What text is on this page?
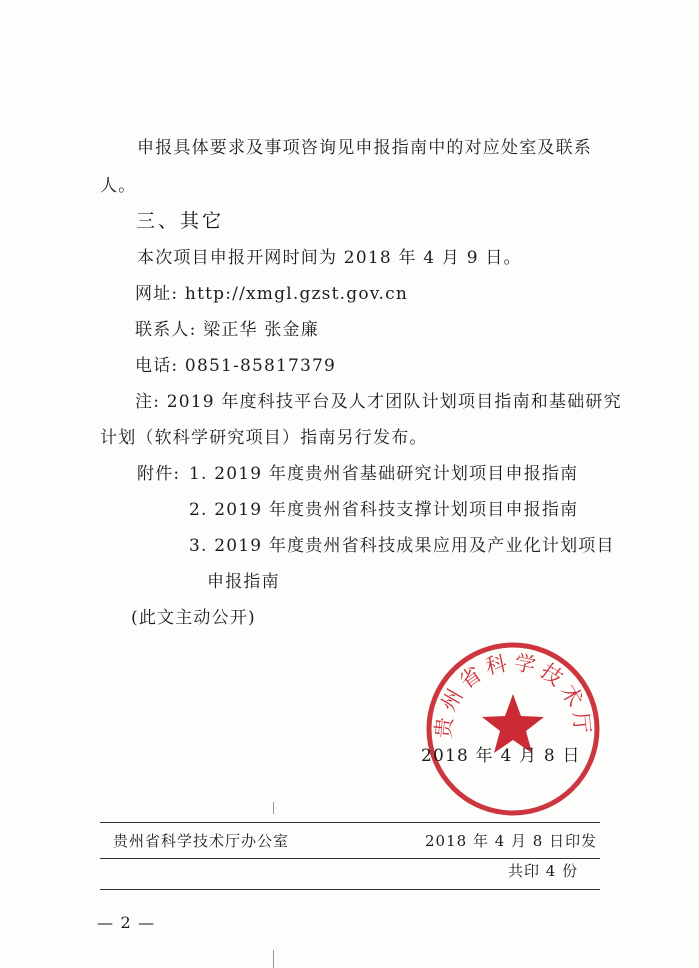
申报具体要求及事项咨询见申报指南中的对应处室及联系
人。
三、其它
本次项目申报开网时间为 2018 年 4 月 9 日。
网址: http://xmgl.gzst.gov.cn
联系人: 梁正华 张金廉
电话: 0851-85817379
注: 2019 年度科技平台及人才团队计划项目指南和基础研究
计划（软科学研究项目）指南另行发布。
附件: 1. 2019 年度贵州省基础研究计划项目申报指南
2. 2019 年度贵州省科技支撑计划项目申报指南
3. 2019 年度贵州省科技成果应用及产业化计划项目
申报指南
(此文主动公开)
贵州省科学技术厅
2018 年 4 月 8 日
贵州省科学技术厅办公室	2018 年 4 月 8 日印发
共印 4 份
— 2 —
